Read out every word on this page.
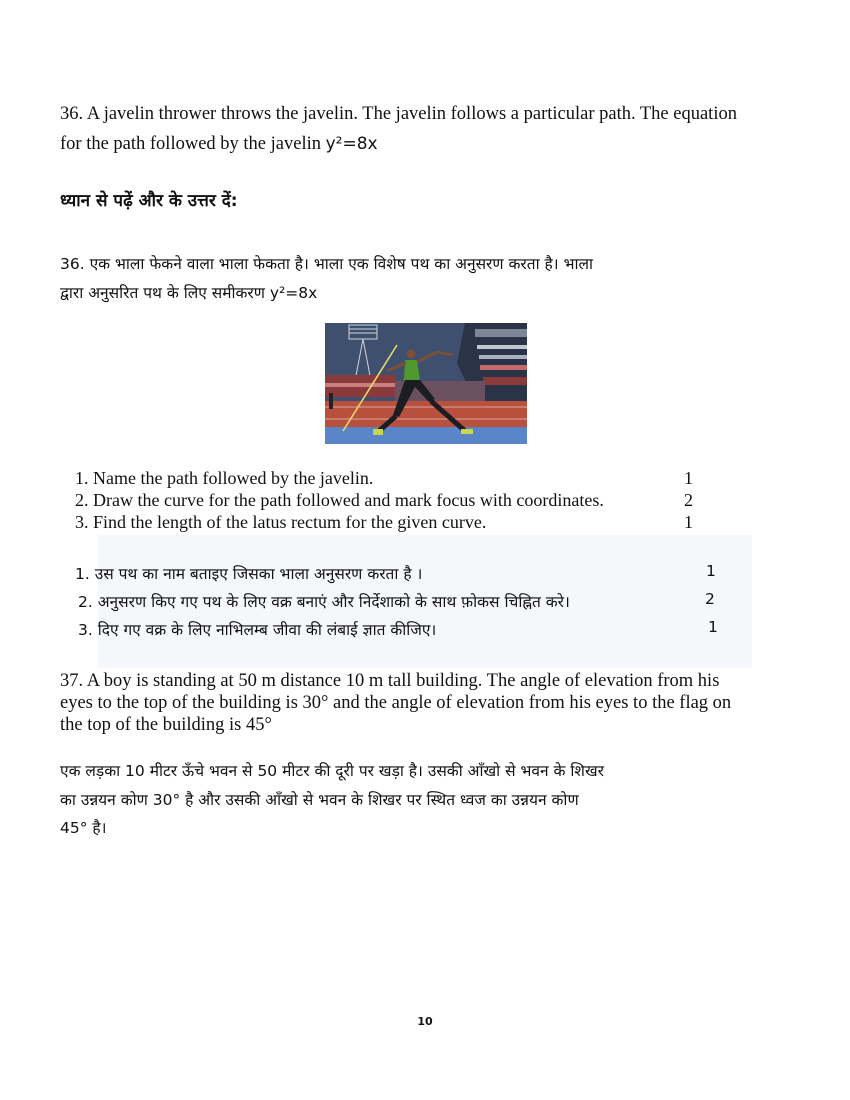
36. A javelin thrower throws the javelin. The javelin follows a particular path. The equation for the path followed by the javelin y²=8x
ध्यान से पढ़ें और के उत्तर दें:
36. एक भाला फेकने वाला भाला फेकता है। भाला एक विशेष पथ का अनुसरण करता है। भाला
द्वारा अनुसरित पथ के लिए समीकरण y²=8x
1. Name the path followed by the javelin.	1
2. Draw the curve for the path followed and mark focus with coordinates.	2
3. Find the length of the latus rectum for the given curve.	1
1. उस पथ का नाम बताइए जिसका भाला अनुसरण करता है ।	1
2. अनुसरण किए गए पथ के लिए वक्र बनाएं और निर्देशाको के साथ फ़ोकस चिह्नित करे।	2
3. दिए गए वक्र के लिए नाभिलम्ब जीवा की लंबाई ज्ञात कीजिए।	1
37. A boy is standing at 50 m distance 10 m tall building. The angle of elevation from his eyes to the top of the building is 30° and the angle of elevation from his eyes to the flag on the top of the building is 45°
एक लड़का 10 मीटर ऊँचे भवन से 50 मीटर की दूरी पर खड़ा है। उसकी आँखो से भवन के शिखर
का उन्नयन कोण 30° है और उसकी आँखो से भवन के शिखर पर स्थित ध्वज का उन्नयन कोण
45° है।
10
